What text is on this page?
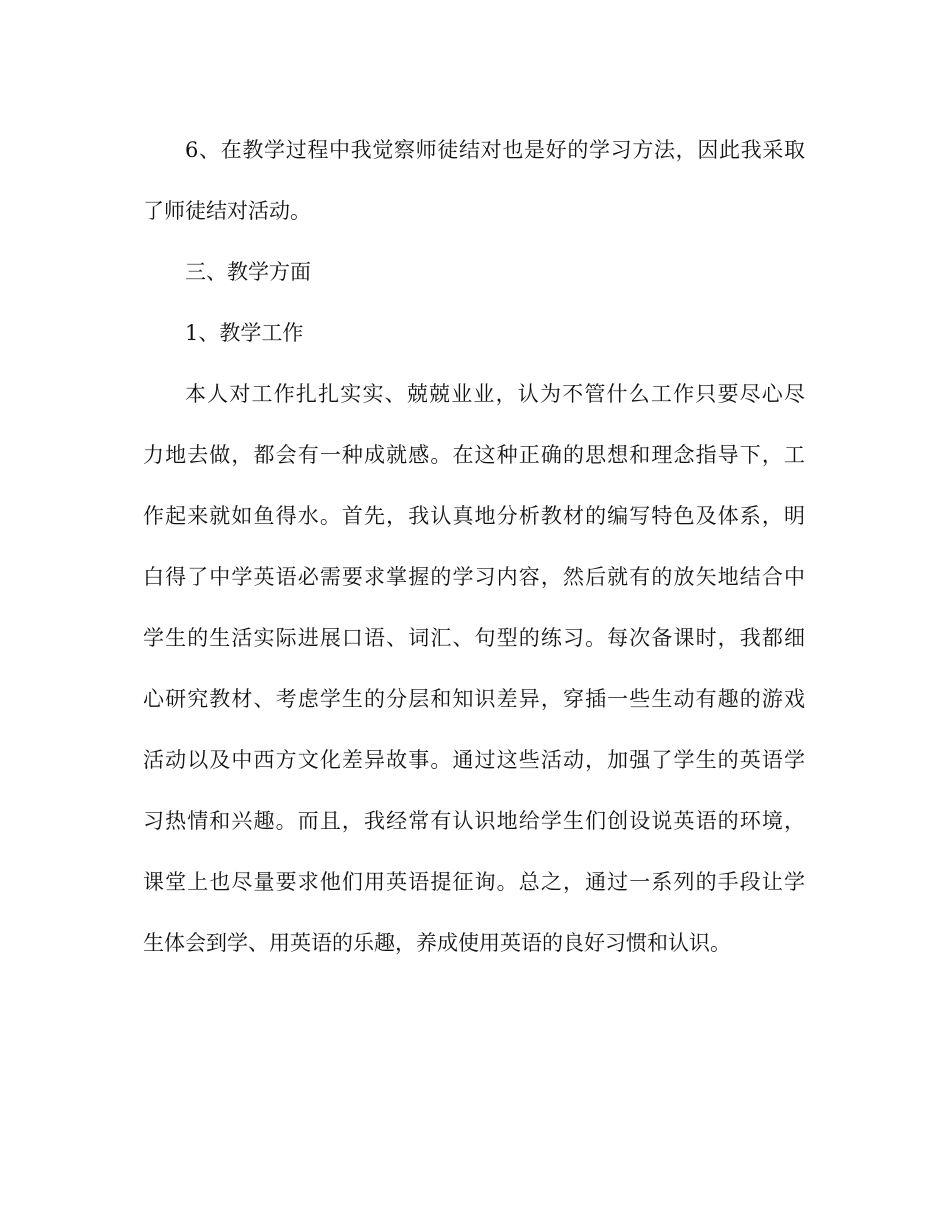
6、在教学过程中我觉察师徒结对也是好的学习方法，因此我采取
了师徒结对活动。
三、教学方面
1、教学工作
本人对工作扎扎实实、兢兢业业，认为不管什么工作只要尽心尽
力地去做，都会有一种成就感。在这种正确的思想和理念指导下，工
作起来就如鱼得水。首先，我认真地分析教材的编写特色及体系，明
白得了中学英语必需要求掌握的学习内容，然后就有的放矢地结合中
学生的生活实际进展口语、词汇、句型的练习。每次备课时，我都细
心研究教材、考虑学生的分层和知识差异，穿插一些生动有趣的游戏
活动以及中西方文化差异故事。通过这些活动，加强了学生的英语学
习热情和兴趣。而且，我经常有认识地给学生们创设说英语的环境，
课堂上也尽量要求他们用英语提征询。总之，通过一系列的手段让学
生体会到学、用英语的乐趣，养成使用英语的良好习惯和认识。
